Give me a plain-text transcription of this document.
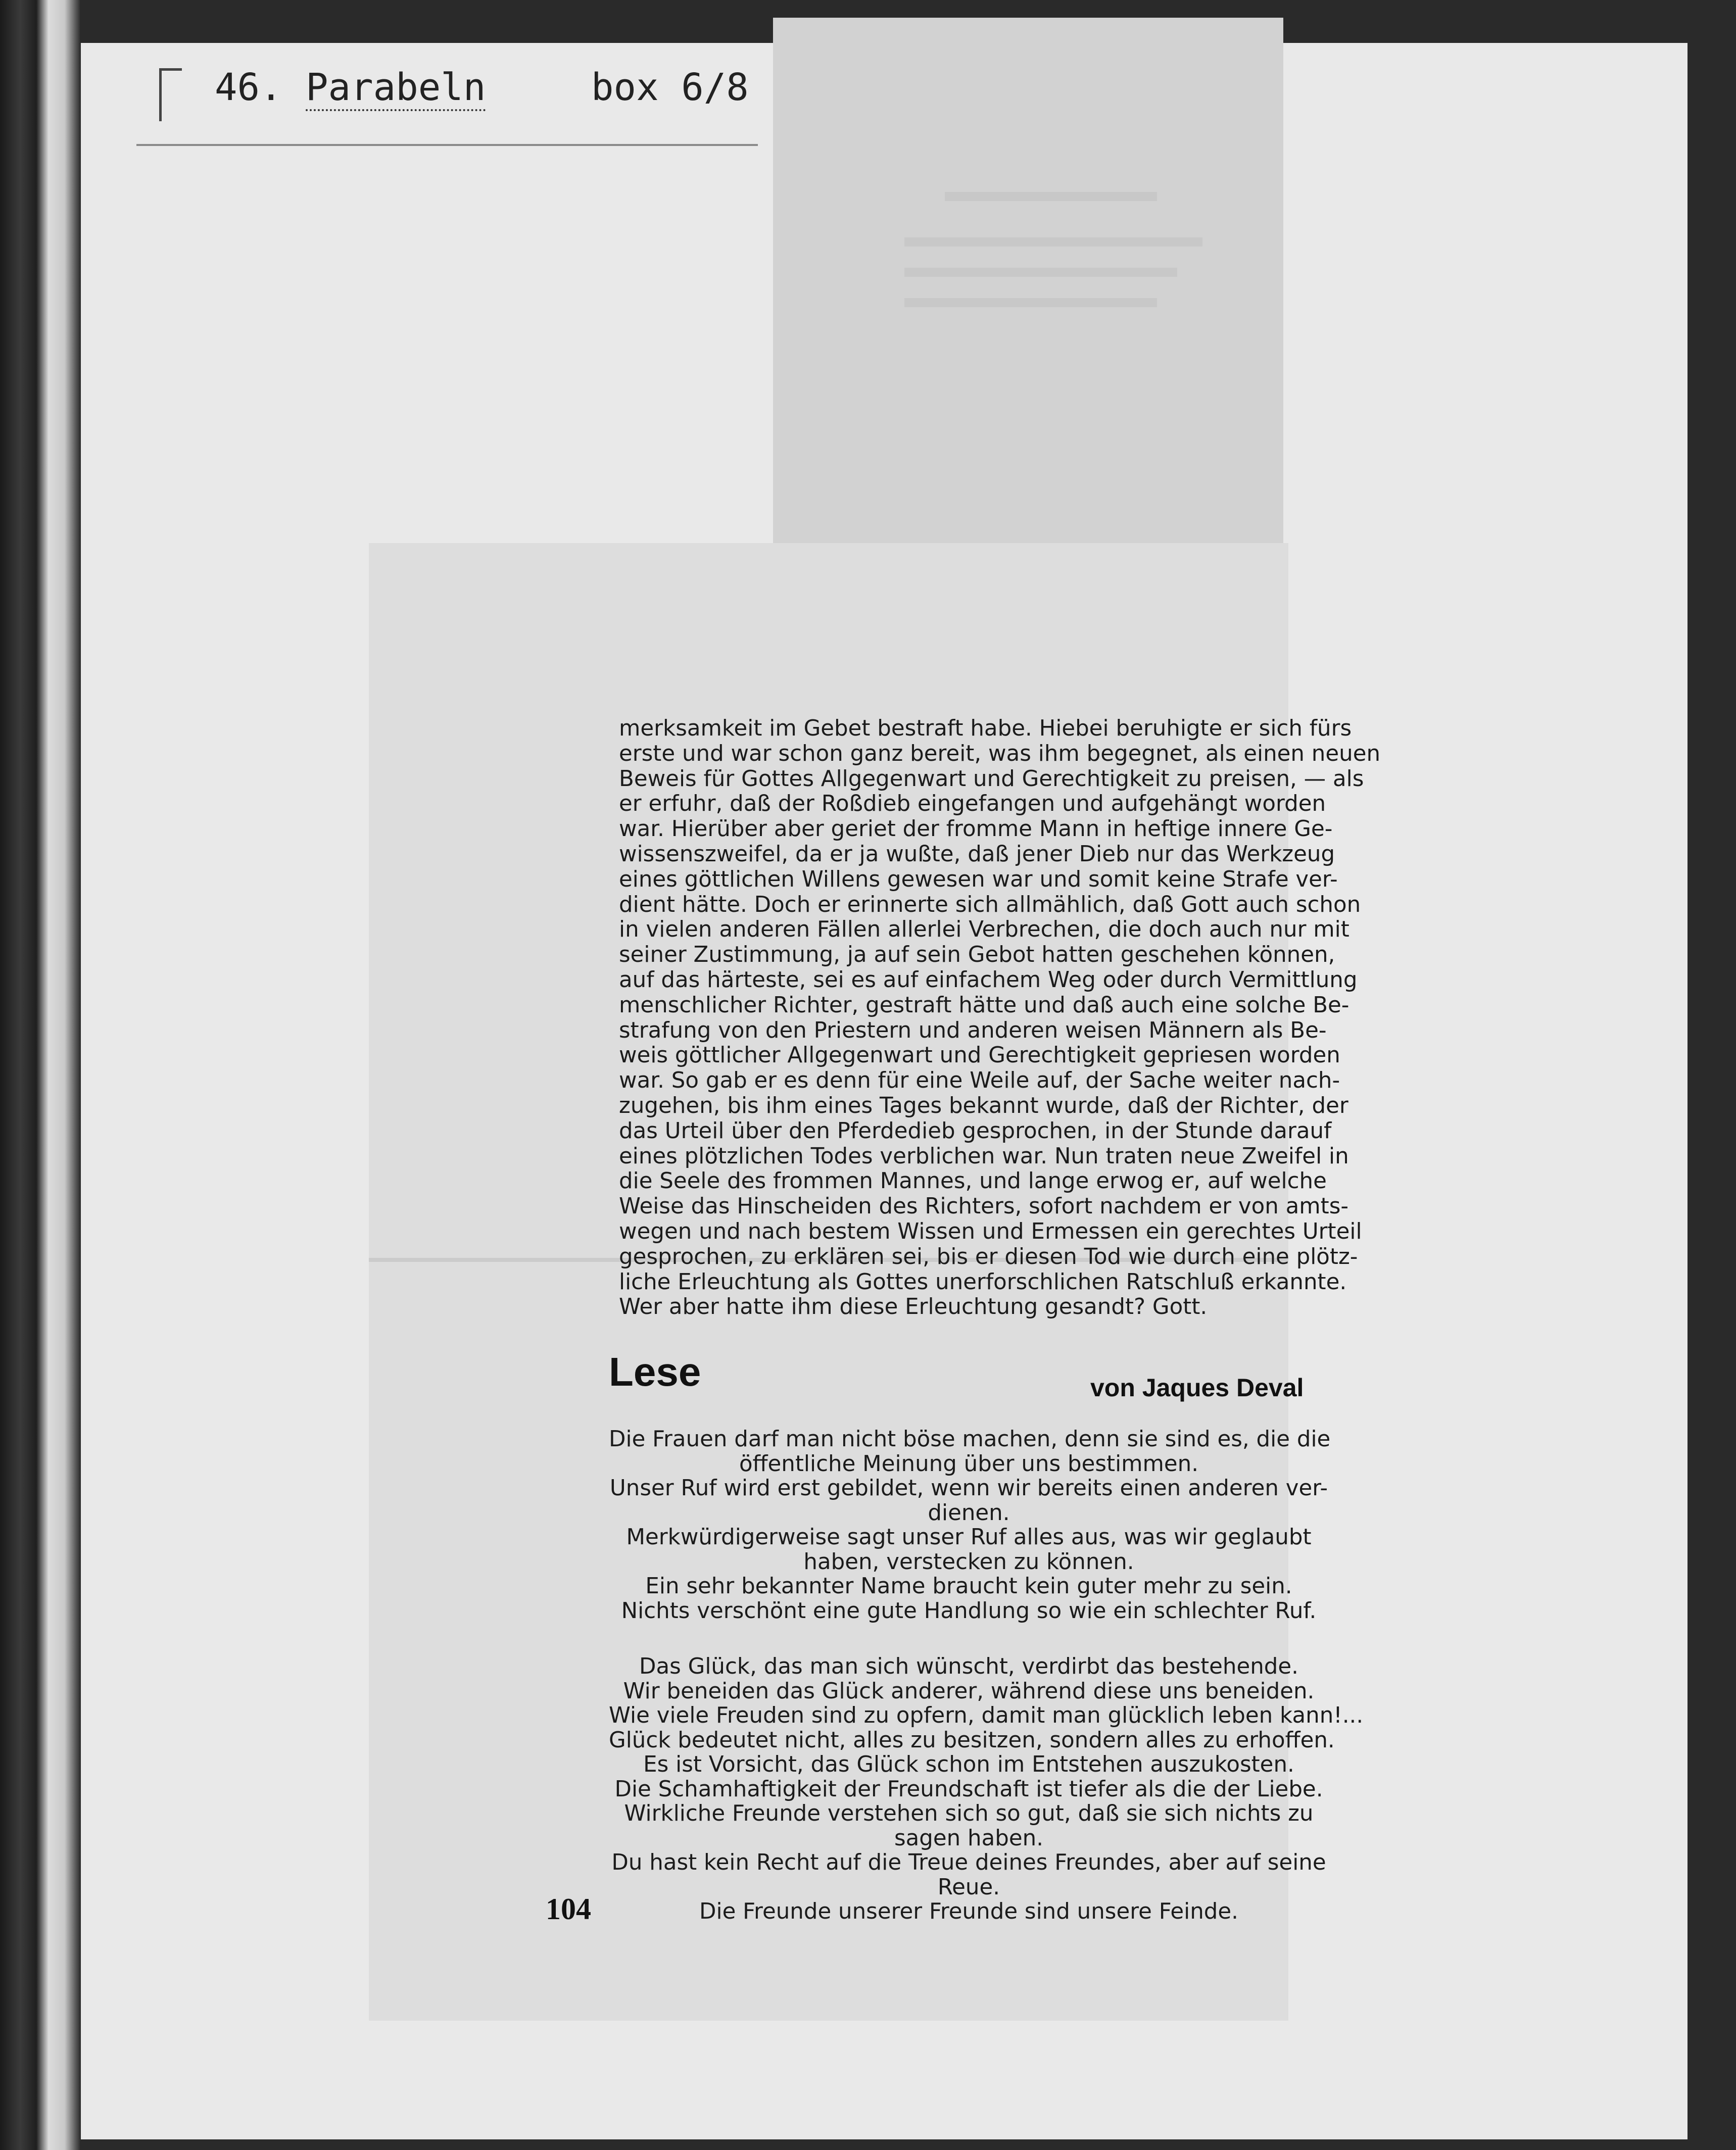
46. Parabeln	box 6/8
merksamkeit im Gebet bestraft habe. Hiebei beruhigte er sich fürs
erste und war schon ganz bereit, was ihm begegnet, als einen neuen
Beweis für Gottes Allgegenwart und Gerechtigkeit zu preisen, — als
er erfuhr, daß der Roßdieb eingefangen und aufgehängt worden
war. Hierüber aber geriet der fromme Mann in heftige innere Ge-
wissenszweifel, da er ja wußte, daß jener Dieb nur das Werkzeug
eines göttlichen Willens gewesen war und somit keine Strafe ver-
dient hätte. Doch er erinnerte sich allmählich, daß Gott auch schon
in vielen anderen Fällen allerlei Verbrechen, die doch auch nur mit
seiner Zustimmung, ja auf sein Gebot hatten geschehen können,
auf das härteste, sei es auf einfachem Weg oder durch Vermittlung
menschlicher Richter, gestraft hätte und daß auch eine solche Be-
strafung von den Priestern und anderen weisen Männern als Be-
weis göttlicher Allgegenwart und Gerechtigkeit gepriesen worden
war. So gab er es denn für eine Weile auf, der Sache weiter nach-
zugehen, bis ihm eines Tages bekannt wurde, daß der Richter, der
das Urteil über den Pferdedieb gesprochen, in der Stunde darauf
eines plötzlichen Todes verblichen war. Nun traten neue Zweifel in
die Seele des frommen Mannes, und lange erwog er, auf welche
Weise das Hinscheiden des Richters, sofort nachdem er von amts-
wegen und nach bestem Wissen und Ermessen ein gerechtes Urteil
gesprochen, zu erklären sei, bis er diesen Tod wie durch eine plötz-
liche Erleuchtung als Gottes unerforschlichen Ratschluß erkannte.
Wer aber hatte ihm diese Erleuchtung gesandt? Gott.
Lese	von Jaques Deval
Die Frauen darf man nicht böse machen, denn sie sind es, die die
öffentliche Meinung über uns bestimmen.
Unser Ruf wird erst gebildet, wenn wir bereits einen anderen ver-
dienen.
Merkwürdigerweise sagt unser Ruf alles aus, was wir geglaubt
haben, verstecken zu können.
Ein sehr bekannter Name braucht kein guter mehr zu sein.
Nichts verschönt eine gute Handlung so wie ein schlechter Ruf.
Das Glück, das man sich wünscht, verdirbt das bestehende.
Wir beneiden das Glück anderer, während diese uns beneiden.
Wie viele Freuden sind zu opfern, damit man glücklich leben kann!...
Glück bedeutet nicht, alles zu besitzen, sondern alles zu erhoffen.
Es ist Vorsicht, das Glück schon im Entstehen auszukosten.
Die Schamhaftigkeit der Freundschaft ist tiefer als die der Liebe.
Wirkliche Freunde verstehen sich so gut, daß sie sich nichts zu
sagen haben.
Du hast kein Recht auf die Treue deines Freundes, aber auf seine
Reue.
Die Freunde unserer Freunde sind unsere Feinde.
104
